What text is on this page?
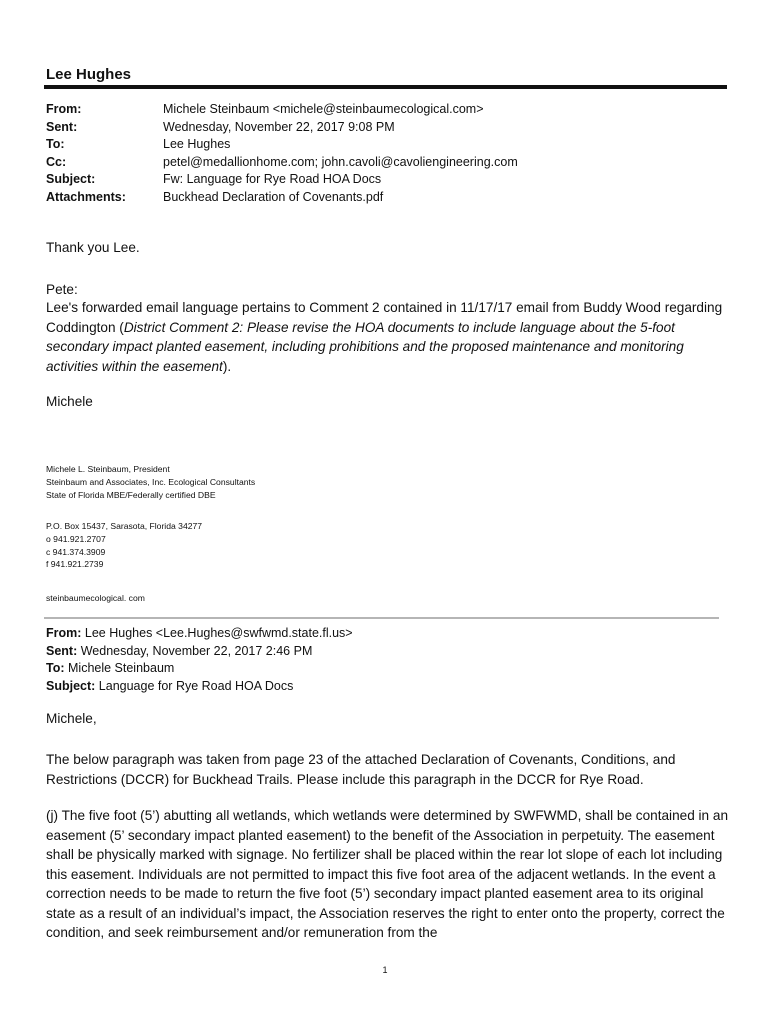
Lee Hughes
From:	Michele Steinbaum <michele@steinbaumecological.com>
Sent:	Wednesday, November 22, 2017 9:08 PM
To:	Lee Hughes
Cc:	petel@medallionhome.com; john.cavoli@cavoliengineering.com
Subject:	Fw: Language for Rye Road HOA Docs
Attachments:	Buckhead Declaration of Covenants.pdf
Thank you Lee.
Pete:
Lee's forwarded email language pertains to Comment 2 contained in 11/17/17 email from Buddy Wood regarding Coddington (District Comment 2: Please revise the HOA documents to include language about the 5-foot secondary impact planted easement, including prohibitions and the proposed maintenance and monitoring activities within the easement).
Michele
Michele L. Steinbaum, President
Steinbaum and Associates, Inc. Ecological Consultants
State of Florida MBE/Federally certified DBE
P.O. Box 15437, Sarasota, Florida 34277
o 941.921.2707
c 941.374.3909
f 941.921.2739
steinbaumecological. com
From: Lee Hughes <Lee.Hughes@swfwmd.state.fl.us>
Sent: Wednesday, November 22, 2017 2:46 PM
To: Michele Steinbaum
Subject: Language for Rye Road HOA Docs
Michele,
The below paragraph was taken from page 23 of the attached Declaration of Covenants, Conditions, and Restrictions (DCCR) for Buckhead Trails. Please include this paragraph in the DCCR for Rye Road.
(j) The five foot (5’) abutting all wetlands, which wetlands were determined by SWFWMD, shall be contained in an easement (5’ secondary impact planted easement) to the benefit of the Association in perpetuity. The easement shall be physically marked with signage. No fertilizer shall be placed within the rear lot slope of each lot including this easement. Individuals are not permitted to impact this five foot area of the adjacent wetlands. In the event a correction needs to be made to return the five foot (5’) secondary impact planted easement area to its original state as a result of an individual’s impact, the Association reserves the right to enter onto the property, correct the condition, and seek reimbursement and/or remuneration from the
1
